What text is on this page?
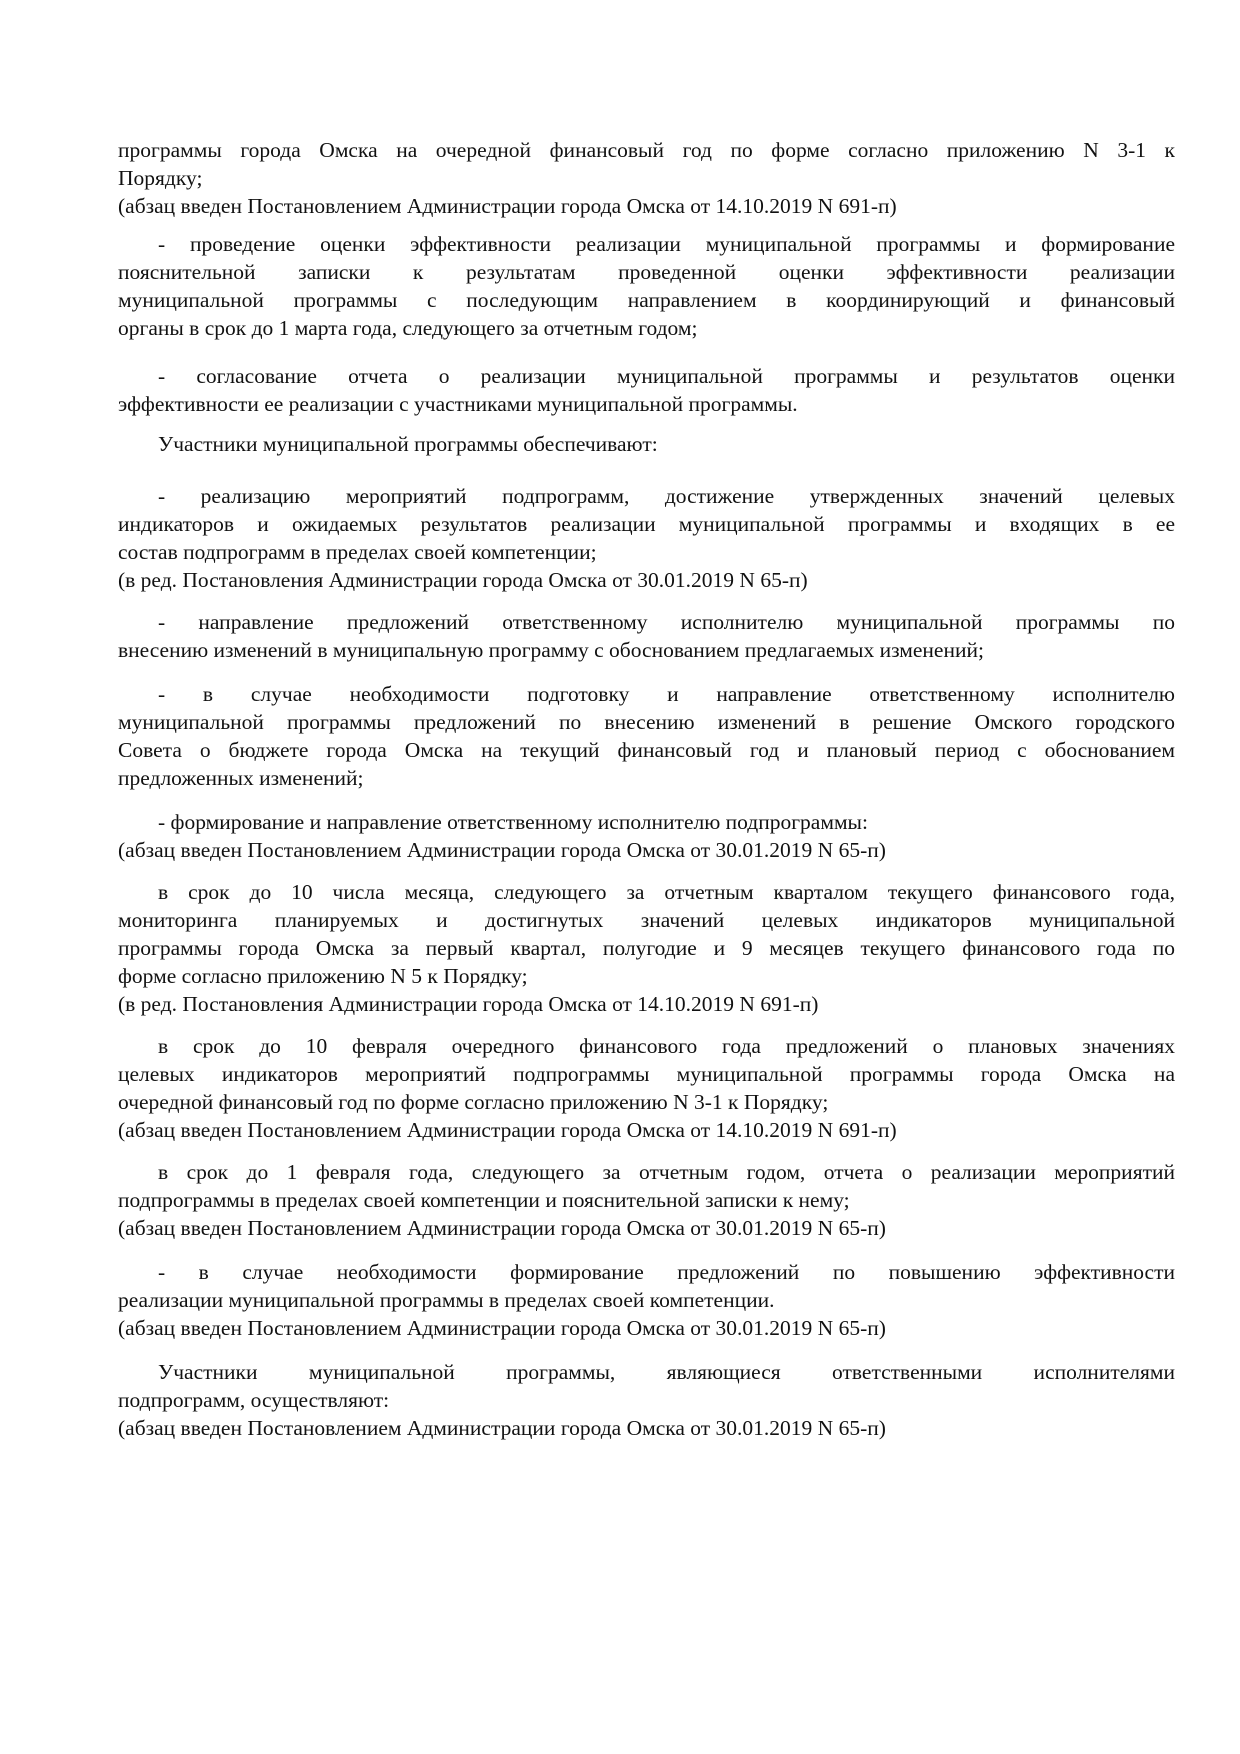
программы города Омска на очередной финансовый год по форме согласно приложению N 3-1 к
Порядку;
(абзац введен Постановлением Администрации города Омска от 14.10.2019 N 691-п)
- проведение оценки эффективности реализации муниципальной программы и формирование
пояснительной записки к результатам проведенной оценки эффективности реализации
муниципальной программы с последующим направлением в координирующий и финансовый
органы в срок до 1 марта года, следующего за отчетным годом;
- согласование отчета о реализации муниципальной программы и результатов оценки
эффективности ее реализации с участниками муниципальной программы.
Участники муниципальной программы обеспечивают:
- реализацию мероприятий подпрограмм, достижение утвержденных значений целевых
индикаторов и ожидаемых результатов реализации муниципальной программы и входящих в ее
состав подпрограмм в пределах своей компетенции;
(в ред. Постановления Администрации города Омска от 30.01.2019 N 65-п)
- направление предложений ответственному исполнителю муниципальной программы по
внесению изменений в муниципальную программу с обоснованием предлагаемых изменений;
- в случае необходимости подготовку и направление ответственному исполнителю
муниципальной программы предложений по внесению изменений в решение Омского городского
Совета о бюджете города Омска на текущий финансовый год и плановый период с обоснованием
предложенных изменений;
- формирование и направление ответственному исполнителю подпрограммы:
(абзац введен Постановлением Администрации города Омска от 30.01.2019 N 65-п)
в срок до 10 числа месяца, следующего за отчетным кварталом текущего финансового года,
мониторинга планируемых и достигнутых значений целевых индикаторов муниципальной
программы города Омска за первый квартал, полугодие и 9 месяцев текущего финансового года по
форме согласно приложению N 5 к Порядку;
(в ред. Постановления Администрации города Омска от 14.10.2019 N 691-п)
в срок до 10 февраля очередного финансового года предложений о плановых значениях
целевых индикаторов мероприятий подпрограммы муниципальной программы города Омска на
очередной финансовый год по форме согласно приложению N 3-1 к Порядку;
(абзац введен Постановлением Администрации города Омска от 14.10.2019 N 691-п)
в срок до 1 февраля года, следующего за отчетным годом, отчета о реализации мероприятий
подпрограммы в пределах своей компетенции и пояснительной записки к нему;
(абзац введен Постановлением Администрации города Омска от 30.01.2019 N 65-п)
- в случае необходимости формирование предложений по повышению эффективности
реализации муниципальной программы в пределах своей компетенции.
(абзац введен Постановлением Администрации города Омска от 30.01.2019 N 65-п)
Участники муниципальной программы, являющиеся ответственными исполнителями
подпрограмм, осуществляют:
(абзац введен Постановлением Администрации города Омска от 30.01.2019 N 65-п)
